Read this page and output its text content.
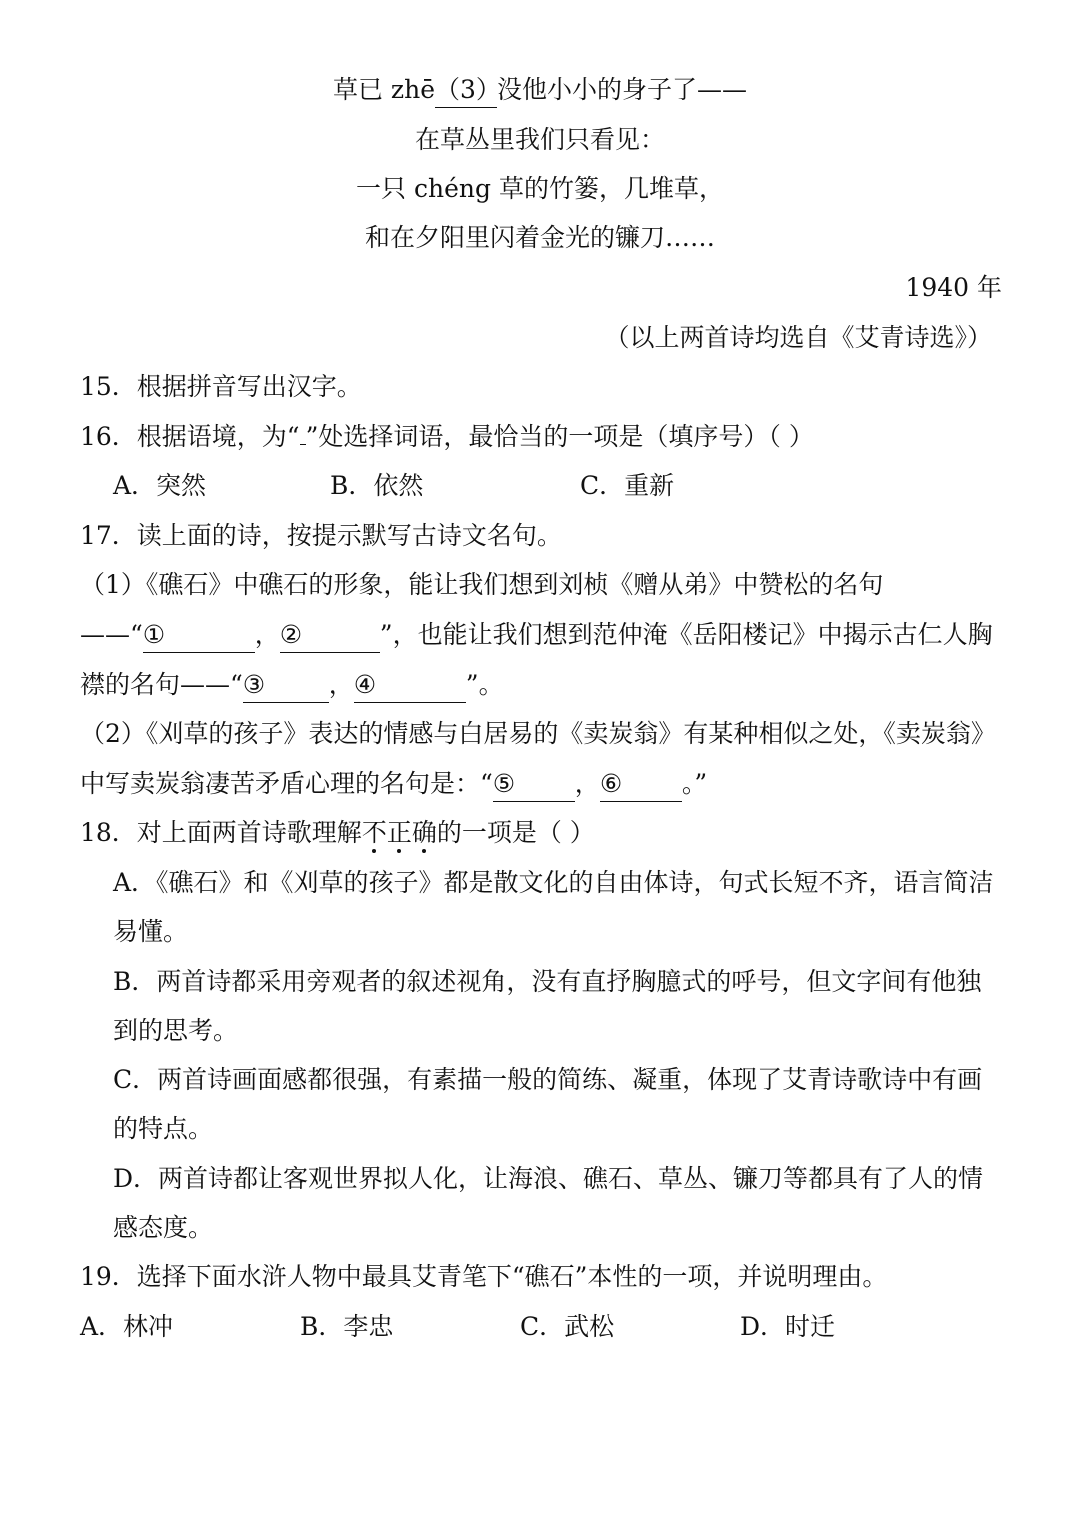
草已 zhē（3）没他小小的身子了——
在草丛里我们只看见：
一只 chéng 草的竹篓，几堆草，
和在夕阳里闪着金光的镰刀……
1940 年
（以上两首诗均选自《艾青诗选》）
15．根据拼音写出汉字。
16．根据语境，为“ ”处选择词语，最恰当的一项是（填序号）（ ）
A．突然	B．依然	C．重新
17．读上面的诗，按提示默写古诗文名句。
（1）《礁石》中礁石的形象，能让我们想到刘桢《赠从弟》中赞松的名句
——“①	，②	”，也能让我们想到范仲淹《岳阳楼记》中揭示古仁人胸
襟的名句——“③	，④	”。
（2）《刈草的孩子》表达的情感与白居易的《卖炭翁》有某种相似之处，《卖炭翁》
中写卖炭翁凄苦矛盾心理的名句是：“⑤ ，⑥ 。”
18．对上面两首诗歌理解不正确的一项是（ ）
A．《礁石》和《刈草的孩子》都是散文化的自由体诗，句式长短不齐，语言简洁
易懂。
B．两首诗都采用旁观者的叙述视角，没有直抒胸臆式的呼号，但文字间有他独
到的思考。
C．两首诗画面感都很强，有素描一般的简练、凝重，体现了艾青诗歌诗中有画
的特点。
D．两首诗都让客观世界拟人化，让海浪、礁石、草丛、镰刀等都具有了人的情
感态度。
19．选择下面水浒人物中最具艾青笔下“礁石”本性的一项，并说明理由。
A．林冲	B．李忠	C．武松	D．时迁
